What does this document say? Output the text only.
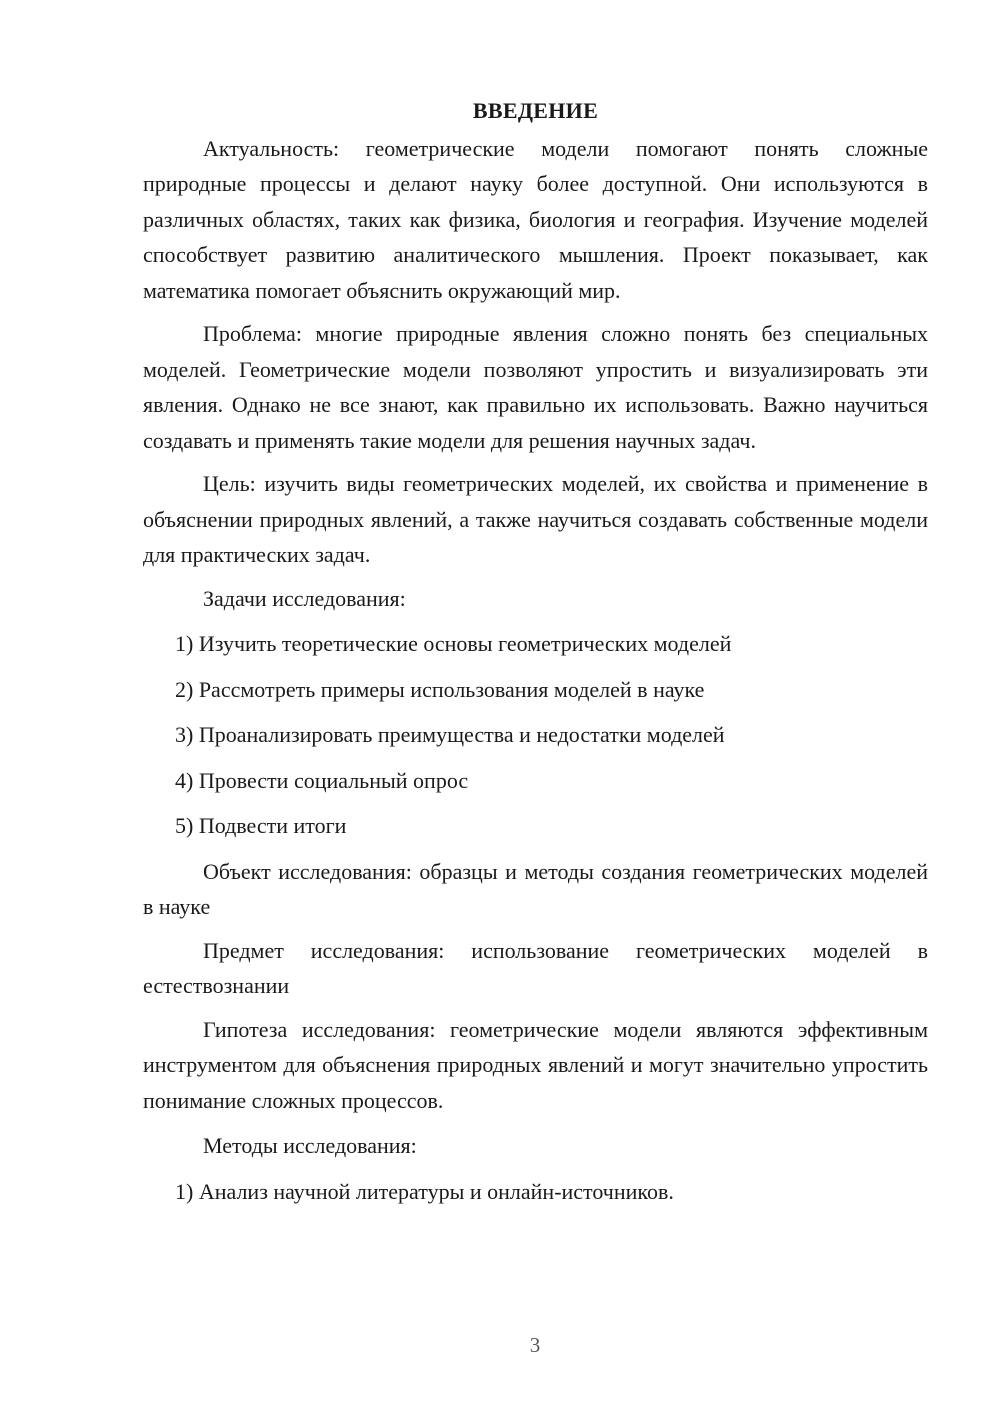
ВВЕДЕНИЕ

Актуальность: геометрические модели помогают понять сложные природные процессы и делают науку более доступной. Они используются в различных областях, таких как физика, биология и география. Изучение моделей способствует развитию аналитического мышления. Проект показывает, как математика помогает объяснить окружающий мир.

Проблема: многие природные явления сложно понять без специальных моделей. Геометрические модели позволяют упростить и визуализировать эти явления. Однако не все знают, как правильно их использовать. Важно научиться создавать и применять такие модели для решения научных задач.

Цель: изучить виды геометрических моделей, их свойства и применение в объяснении природных явлений, а также научиться создавать собственные модели для практических задач.

Задачи исследования:

1) Изучить теоретические основы геометрических моделей

2) Рассмотреть примеры использования моделей в науке

3) Проанализировать преимущества и недостатки моделей

4) Провести социальный опрос

5) Подвести итоги

Объект исследования: образцы и методы создания геометрических моделей в науке

Предмет исследования: использование геометрических моделей в естествознании

Гипотеза исследования: геометрические модели являются эффективным инструментом для объяснения природных явлений и могут значительно упростить понимание сложных процессов.

Методы исследования:

1) Анализ научной литературы и онлайн-источников.

3
